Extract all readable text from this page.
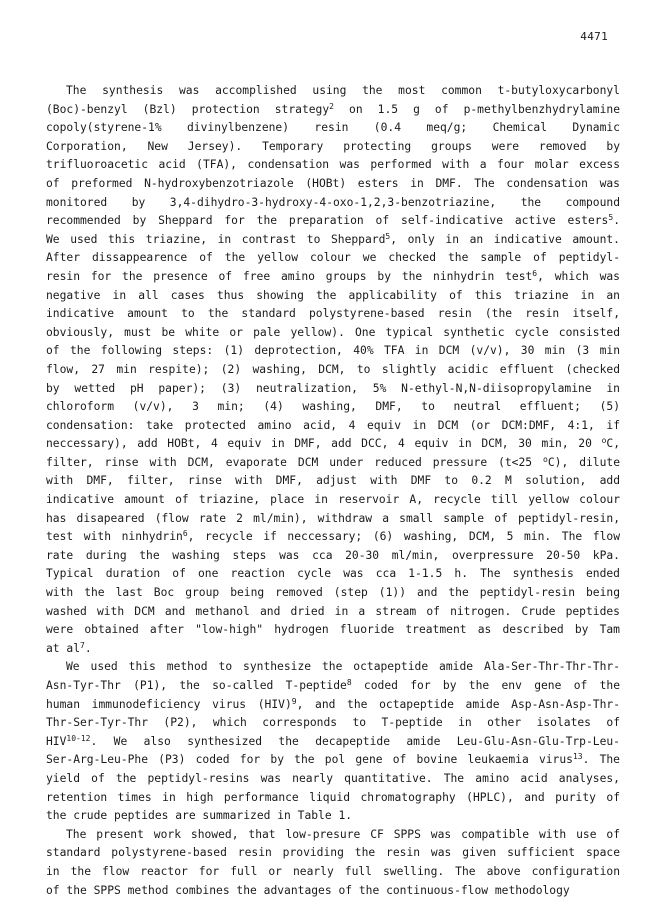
4471
The synthesis was accomplished using the most common t-butyloxycarbonyl
(Boc)-benzyl (Bzl) protection strategy$^2$ on 1.5 g of p-methylbenzhydrylamine
copoly(styrene-1% divinylbenzene) resin (0.4 meq/g; Chemical Dynamic
Corporation, New Jersey). Temporary protecting groups were removed by
trifluoroacetic acid (TFA), condensation was performed with a four molar excess
of preformed N-hydroxybenzotriazole (HOBt) esters in DMF. The condensation was
monitored by 3,4-dihydro-3-hydroxy-4-oxo-1,2,3-benzotriazine, the compound
recommended by Sheppard for the preparation of self-indicative active esters$^5$.
We used this triazine, in contrast to Sheppard$^5$, only in an indicative amount.
After dissappearence of the yellow colour we checked the sample of peptidyl-
resin for the presence of free amino groups by the ninhydrin test$^6$, which was
negative in all cases thus showing the applicability of this triazine in an
indicative amount to the standard polystyrene-based resin (the resin itself,
obviously, must be white or pale yellow). One typical synthetic cycle consisted
of the following steps: (1) deprotection, 40% TFA in DCM (v/v), 30 min (3 min
flow, 27 min respite); (2) washing, DCM, to slightly acidic effluent (checked
by wetted pH paper); (3) neutralization, 5% N-ethyl-N,N-diisopropylamine in
chloroform (v/v), 3 min; (4) washing, DMF, to neutral effluent; (5)
condensation: take protected amino acid, 4 equiv in DCM (or DCM:DMF, 4:1, if
neccessary), add HOBt, 4 equiv in DMF, add DCC, 4 equiv in DCM, 30 min, 20 $^o$C,
filter, rinse with DCM, evaporate DCM under reduced pressure (t<25 $^o$C), dilute
with DMF, filter, rinse with DMF, adjust with DMF to 0.2 M solution, add
indicative amount of triazine, place in reservoir A, recycle till yellow colour
has disapeared (flow rate 2 ml/min), withdraw a small sample of peptidyl-resin,
test with ninhydrin$^6$, recycle if neccessary; (6) washing, DCM, 5 min. The flow
rate during the washing steps was cca 20-30 ml/min, overpressure 20-50 kPa.
Typical duration of one reaction cycle was cca 1-1.5 h. The synthesis ended
with the last Boc group being removed (step (1)) and the peptidyl-resin being
washed with DCM and methanol and dried in a stream of nitrogen. Crude peptides
were obtained after "low-high" hydrogen fluoride treatment as described by Tam
at $al^7$.
We used this method to synthesize the octapeptide amide Ala-Ser-Thr-Thr-Thr-
Asn-Tyr-Thr (P1), the so-called T-peptide$^8$ coded for by the env gene of the
human immunodeficiency virus (HIV)$^9$, and the octapeptide amide Asp-Asn-Asp-Thr-
Thr-Ser-Tyr-Thr (P2), which corresponds to T-peptide in other isolates of
HIV$^{10-12}$. We also synthesized the decapeptide amide Leu-Glu-Asn-Glu-Trp-Leu-
Ser-Arg-Leu-Phe (P3) coded for by the pol gene of bovine leukaemia virus$^{13}$. The
yield of the peptidyl-resins was nearly quantitative. The amino acid analyses,
retention times in high performance liquid chromatography (HPLC), and purity of
the crude peptides are summarized in Table 1.
The present work showed, that low-presure CF SPPS was compatible with use of
standard polystyrene-based resin providing the resin was given sufficient space
in the flow reactor for full or nearly full swelling. The above configuration
of the SPPS method combines the advantages of the continuous-flow methodology
